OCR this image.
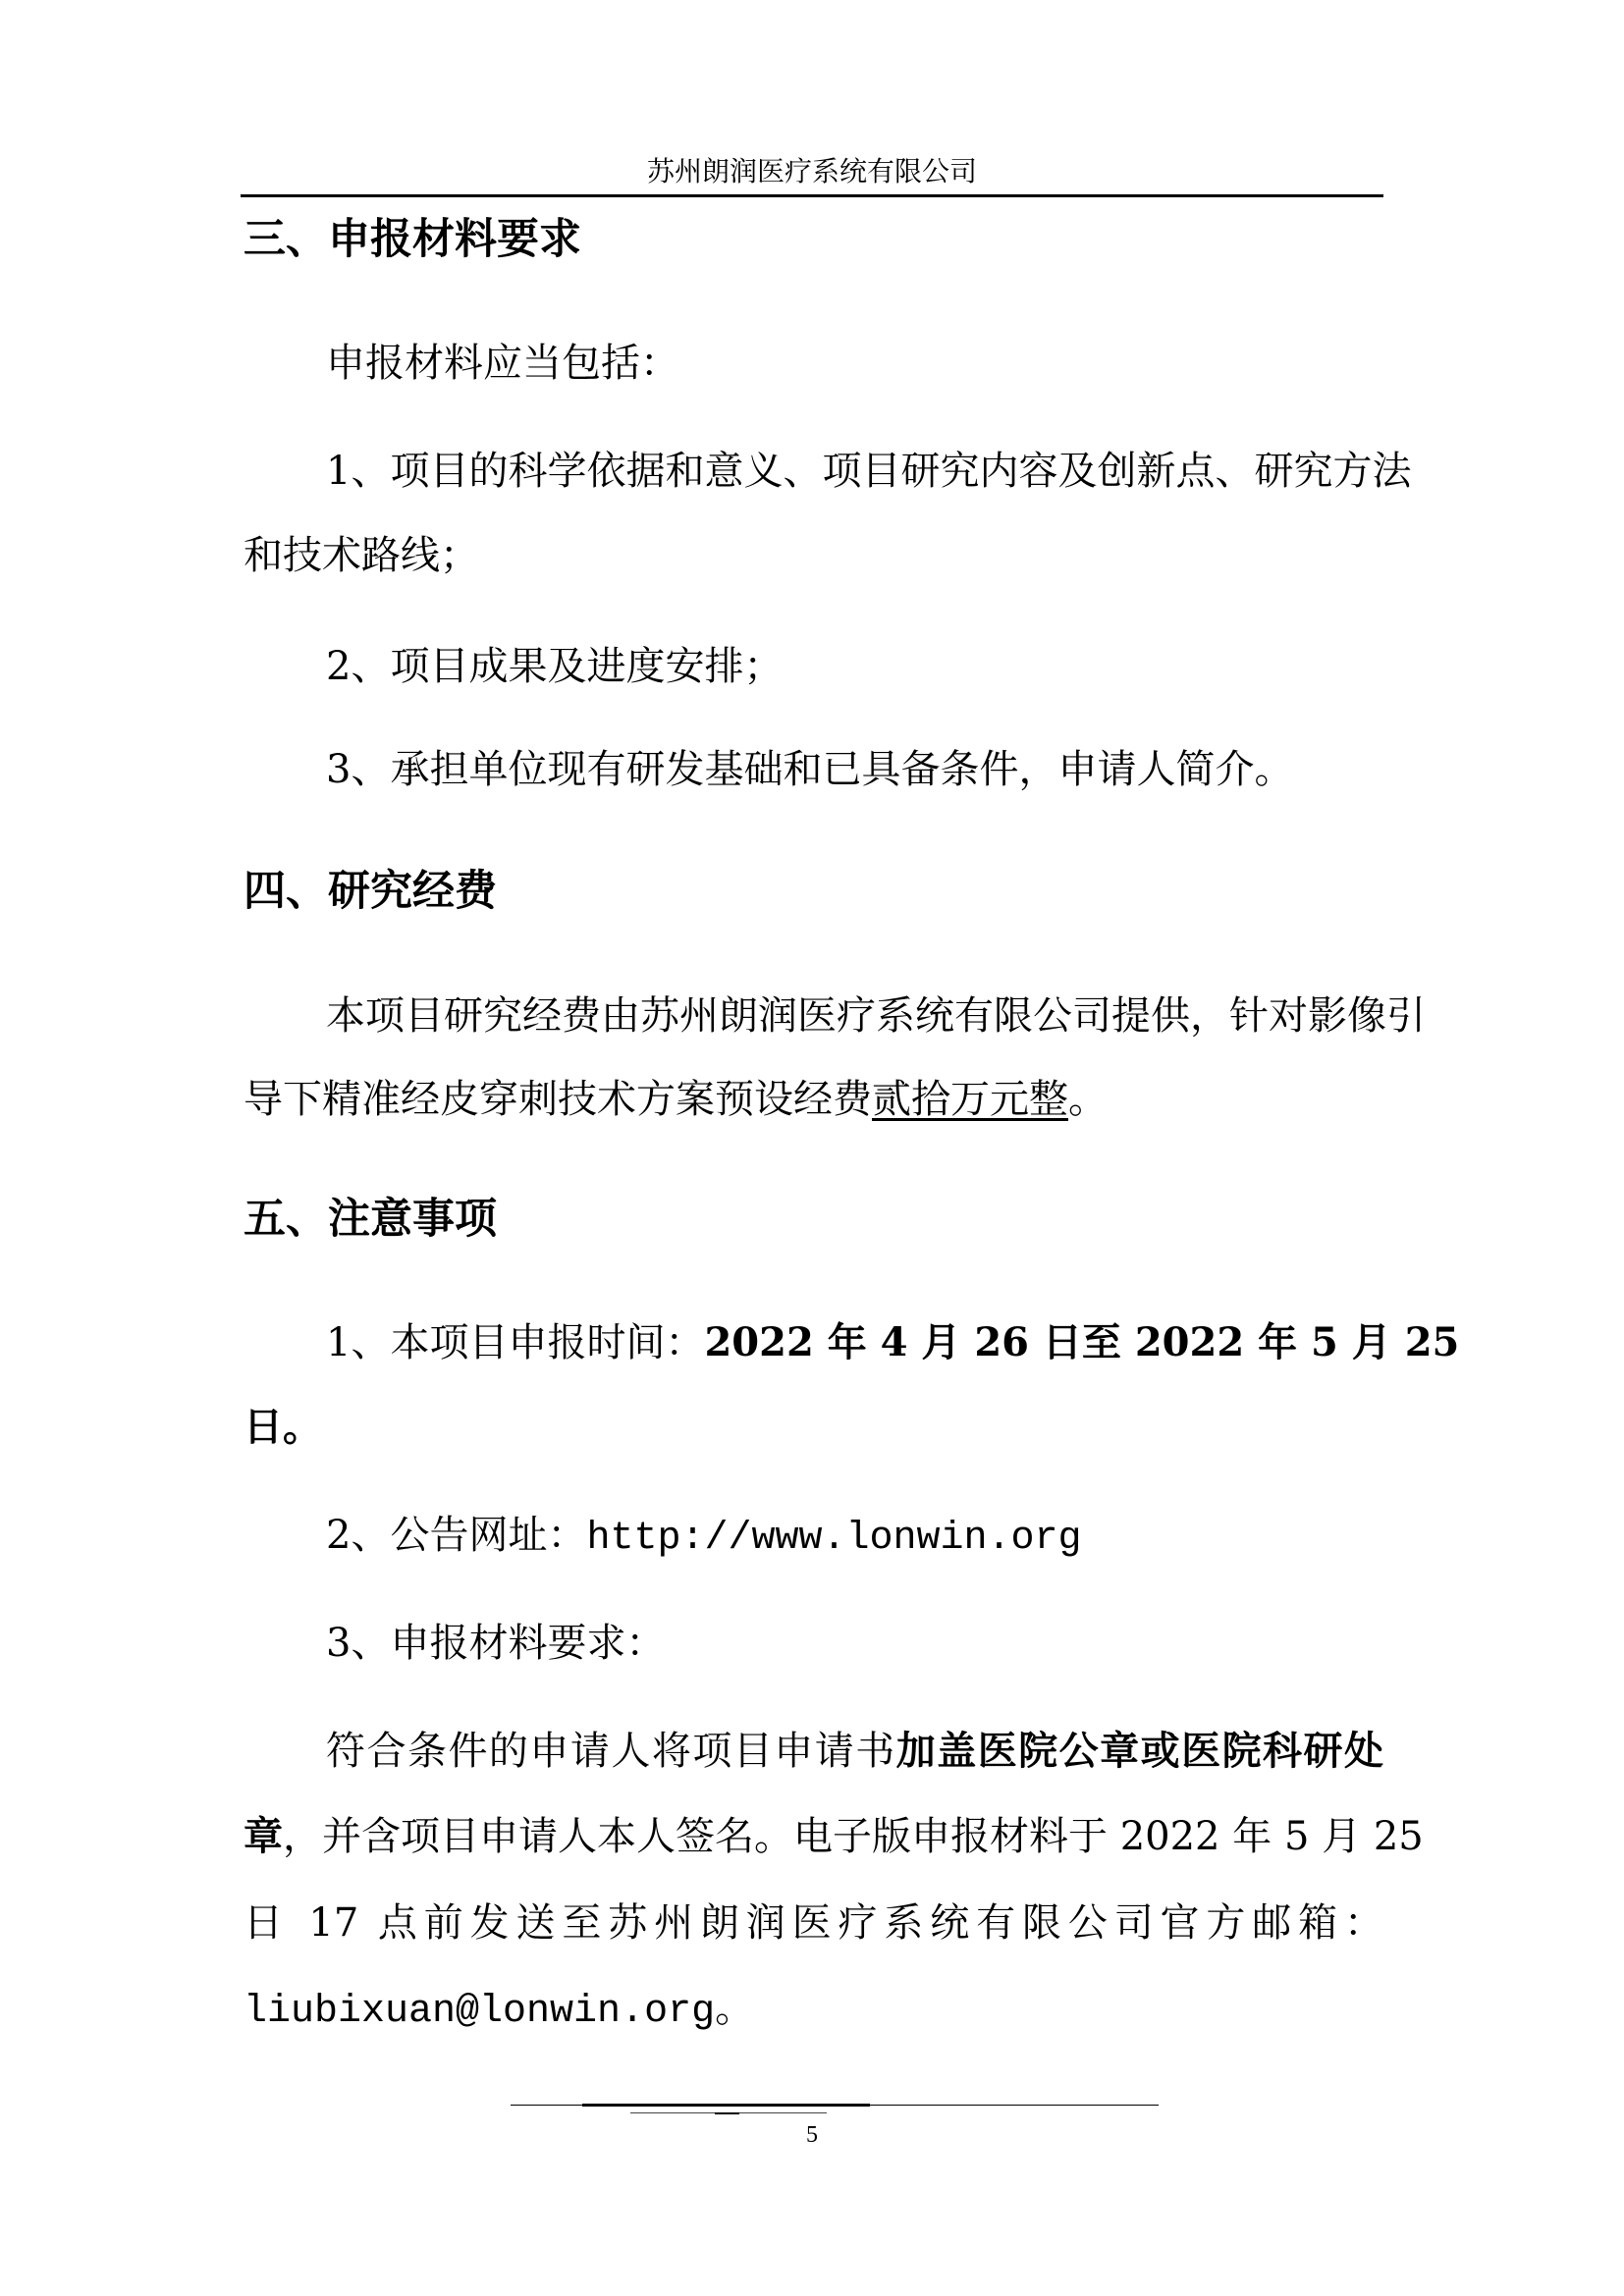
苏州朗润医疗系统有限公司
三、申报材料要求
申报材料应当包括：
1、项目的科学依据和意义、项目研究内容及创新点、研究方法
和技术路线；
2、项目成果及进度安排；
3、承担单位现有研发基础和已具备条件，申请人简介。
四、研究经费
本项目研究经费由苏州朗润医疗系统有限公司提供，针对影像引
导下精准经皮穿刺技术方案预设经费贰拾万元整。
五、注意事项
1、本项目申报时间：2022 年 4 月 26 日至 2022 年 5 月 25
日。
2、公告网址：http://www.lonwin.org
3、申报材料要求：
符合条件的申请人将项目申请书加盖医院公章或医院科研处
章，并含项目申请人本人签名。电子版申报材料于 2022 年 5 月 25
日 17 点前发送至苏州朗润医疗系统有限公司官方邮箱：
liubixuan@lonwin.org。
5
